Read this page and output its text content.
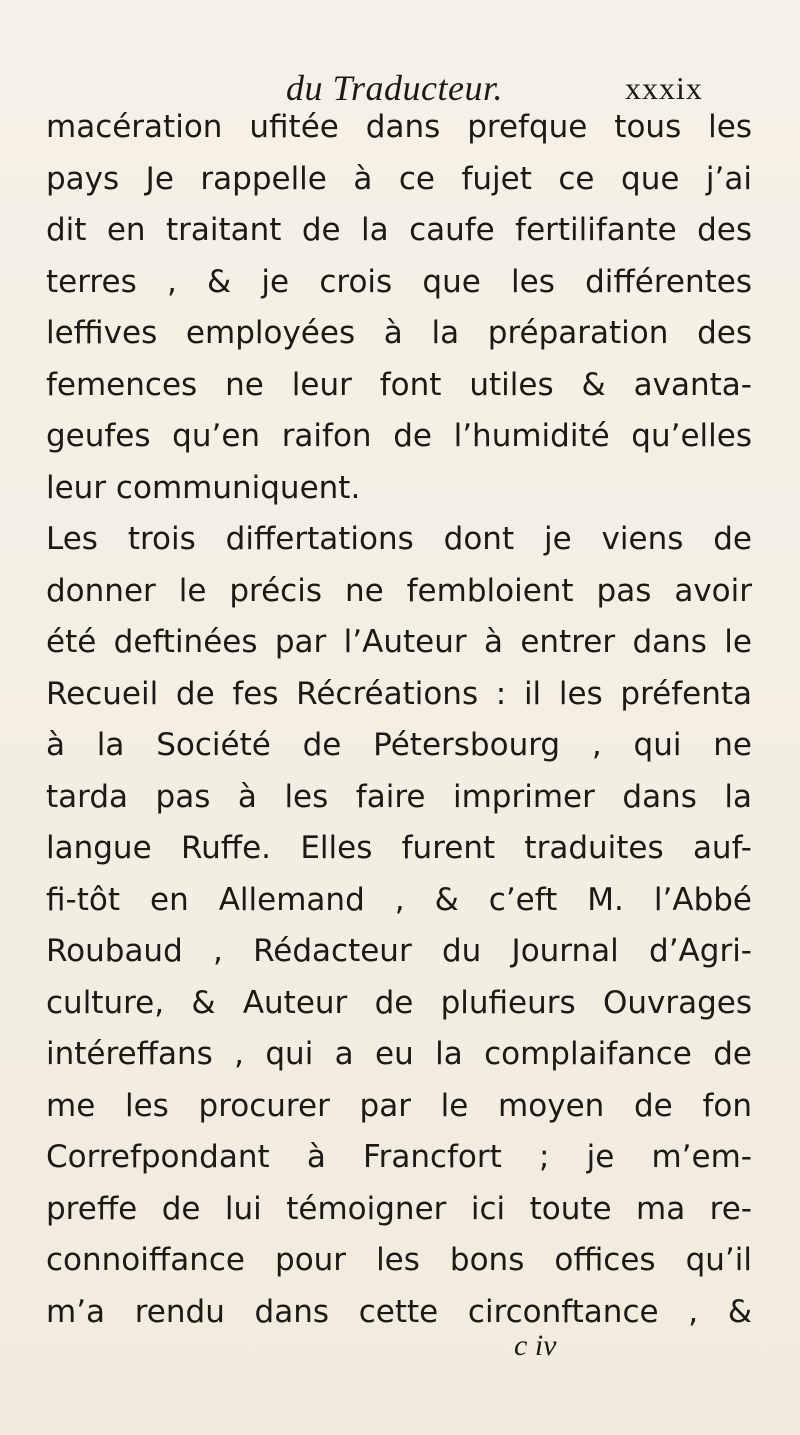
du Traducteur.	xxxix
macération ufitée dans prefque tous les
pays Je rappelle à ce fujet ce que j’ai
dit en traitant de la caufe fertilifante des
terres , & je crois que les différentes
leffives employées à la préparation des
femences ne leur font utiles & avanta-
geufes qu’en raifon de l’humidité qu’elles
leur communiquent.
Les trois differtations dont je viens de
donner le précis ne fembloient pas avoir
été deftinées par l’Auteur à entrer dans le
Recueil de fes Récréations : il les préfenta
à la Société de Pétersbourg , qui ne
tarda pas à les faire imprimer dans la
langue Ruffe. Elles furent traduites auf-
fi-tôt en Allemand , & c’eft M. l’Abbé
Roubaud , Rédacteur du Journal d’Agri-
culture, & Auteur de plufieurs Ouvrages
intéreffans , qui a eu la complaifance de
me les procurer par le moyen de fon
Correfpondant à Francfort ; je m’em-
preffe de lui témoigner ici toute ma re-
connoiffance pour les bons offices qu’il
m’a rendu dans cette circonftance , &
c iv
